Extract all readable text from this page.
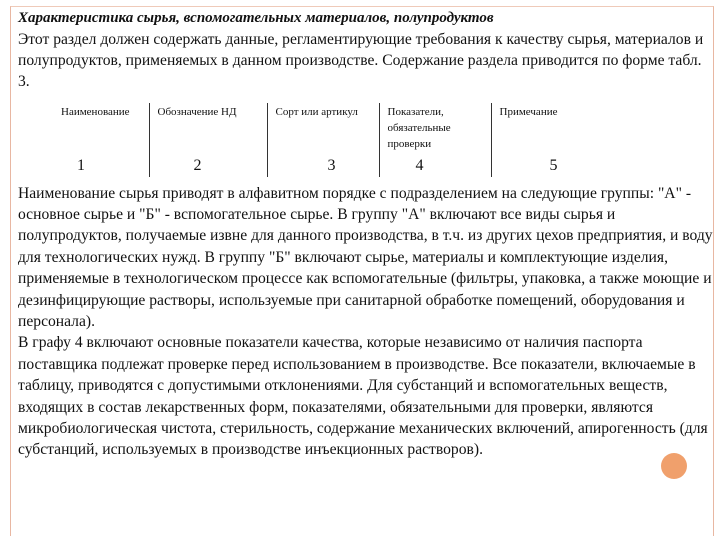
Характеристика сырья, вспомогательных материалов, полупродуктов

Этот раздел должен содержать данные, регламентирующие требования к качеству сырья, материалов и полупродуктов, применяемых в данном производстве. Содержание раздела приводится по форме табл. 3.

Наименование	Обозначение НД	Сорт или артикул	Показатели, обязательные проверки	Примечание
1	2	3	4	5

Наименование сырья приводят в алфавитном порядке с подразделением на следующие группы: "А" - основное сырье и "Б" - вспомогательное сырье. В группу "А" включают все виды сырья и полупродуктов, получаемые извне для данного производства, в т.ч. из других цехов предприятия, и воду для технологических нужд. В группу "Б" включают сырье, материалы и комплектующие изделия, применяемые в технологическом процессе как вспомогательные (фильтры, упаковка, а также моющие и дезинфицирующие растворы, используемые при санитарной обработке помещений, оборудования и персонала).

В графу 4 включают основные показатели качества, которые независимо от наличия паспорта поставщика подлежат проверке перед использованием в производстве. Все показатели, включаемые в таблицу, приводятся с допустимыми отклонениями. Для субстанций и вспомогательных веществ, входящих в состав лекарственных форм, показателями, обязательными для проверки, являются микробиологическая чистота, стерильность, содержание механических включений, апирогенность (для субстанций, используемых в производстве инъекционных растворов).
